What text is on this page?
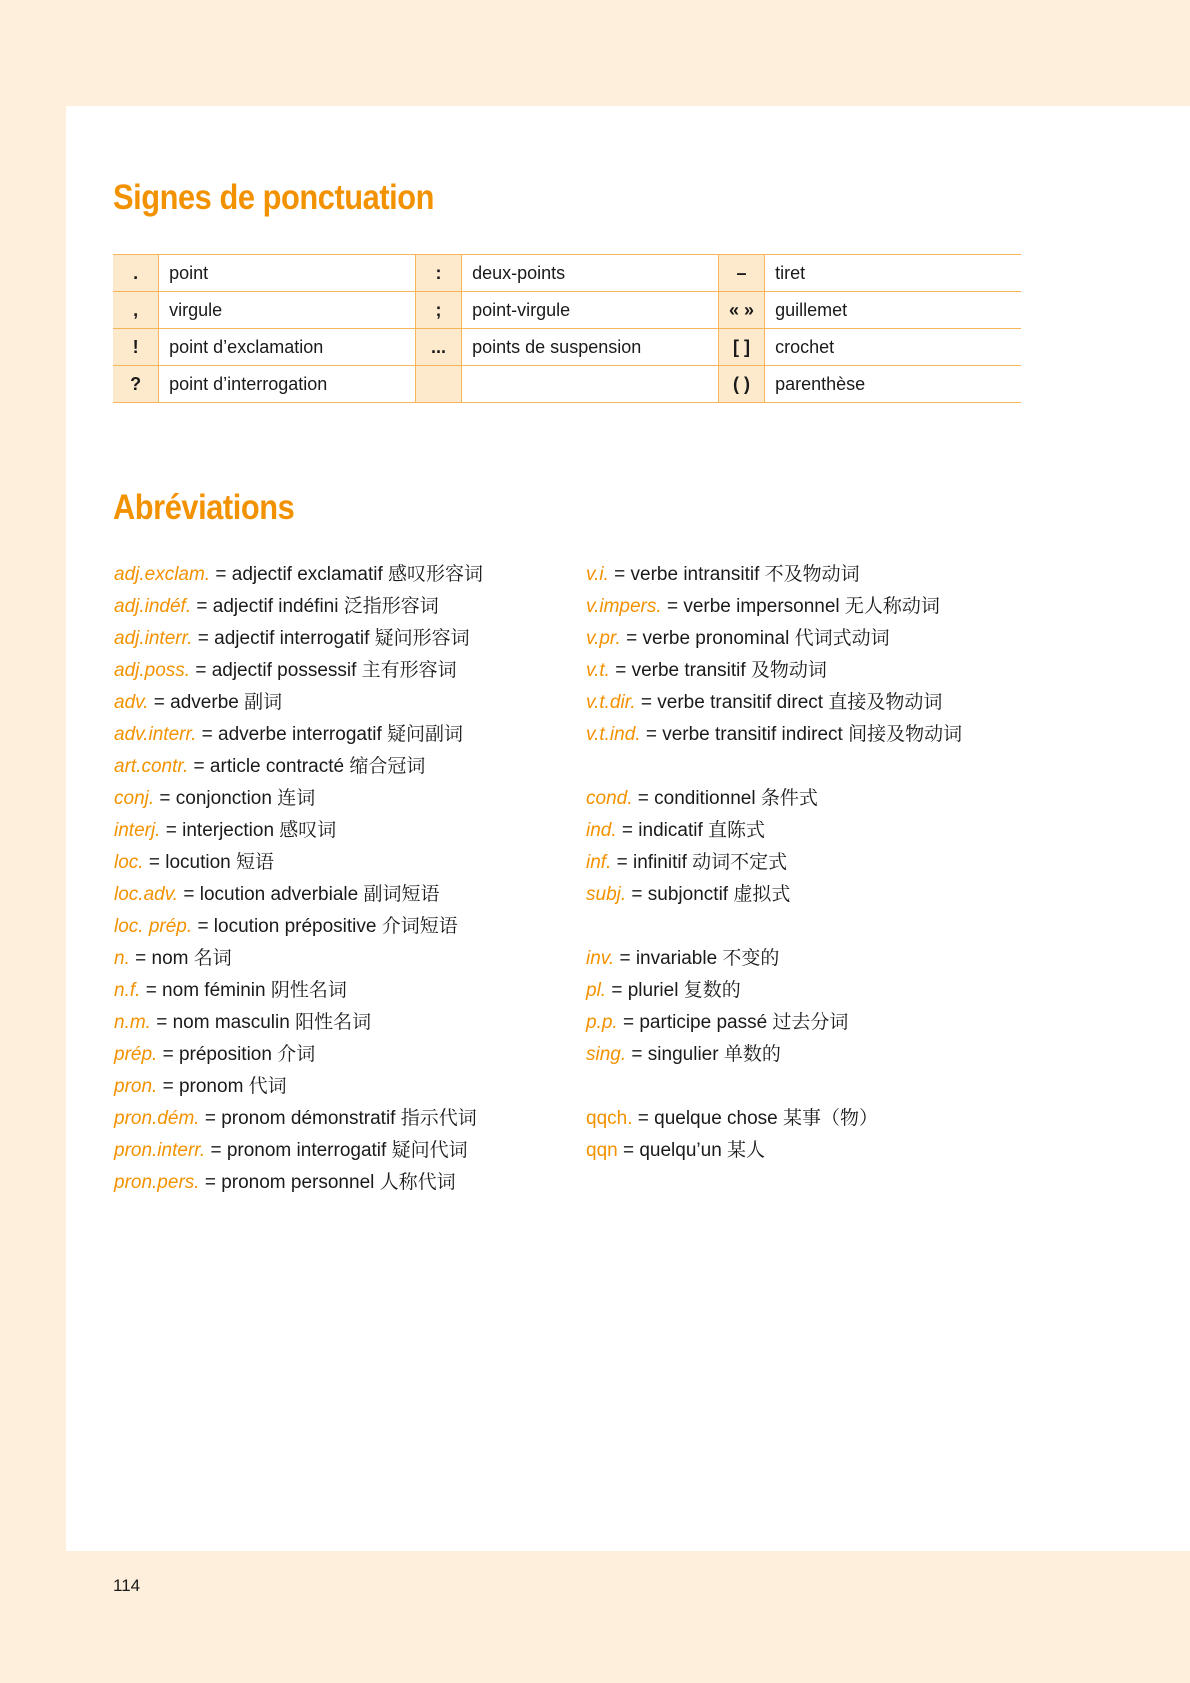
Signes de ponctuation
.	point	:	deux-points	–	tiret
,	virgule	;	point-virgule	« »	guillemet
!	point d’exclamation	...	points de suspension	[ ]	crochet
?	point d’interrogation			( )	parenthèse
Abréviations
adj.exclam. = adjectif exclamatif 感叹形容词
adj.indéf. = adjectif indéfini 泛指形容词
adj.interr. = adjectif interrogatif 疑问形容词
adj.poss. = adjectif possessif 主有形容词
adv. = adverbe 副词
adv.interr. = adverbe interrogatif 疑问副词
art.contr. = article contracté 缩合冠词
conj. = conjonction 连词
interj. = interjection 感叹词
loc. = locution 短语
loc.adv. = locution adverbiale 副词短语
loc. prép. = locution prépositive 介词短语
n. = nom 名词
n.f. = nom féminin 阴性名词
n.m. = nom masculin 阳性名词
prép. = préposition 介词
pron. = pronom 代词
pron.dém. = pronom démonstratif 指示代词
pron.interr. = pronom interrogatif 疑问代词
pron.pers. = pronom personnel 人称代词
v.i. = verbe intransitif 不及物动词
v.impers. = verbe impersonnel 无人称动词
v.pr. = verbe pronominal 代词式动词
v.t. = verbe transitif 及物动词
v.t.dir. = verbe transitif direct 直接及物动词
v.t.ind. = verbe transitif indirect 间接及物动词
cond. = conditionnel 条件式
ind. = indicatif 直陈式
inf. = infinitif 动词不定式
subj. = subjonctif 虚拟式
inv. = invariable 不变的
pl. = pluriel 复数的
p.p. = participe passé 过去分词
sing. = singulier 单数的
qqch. = quelque chose 某事（物）
qqn = quelqu’un 某人
114
